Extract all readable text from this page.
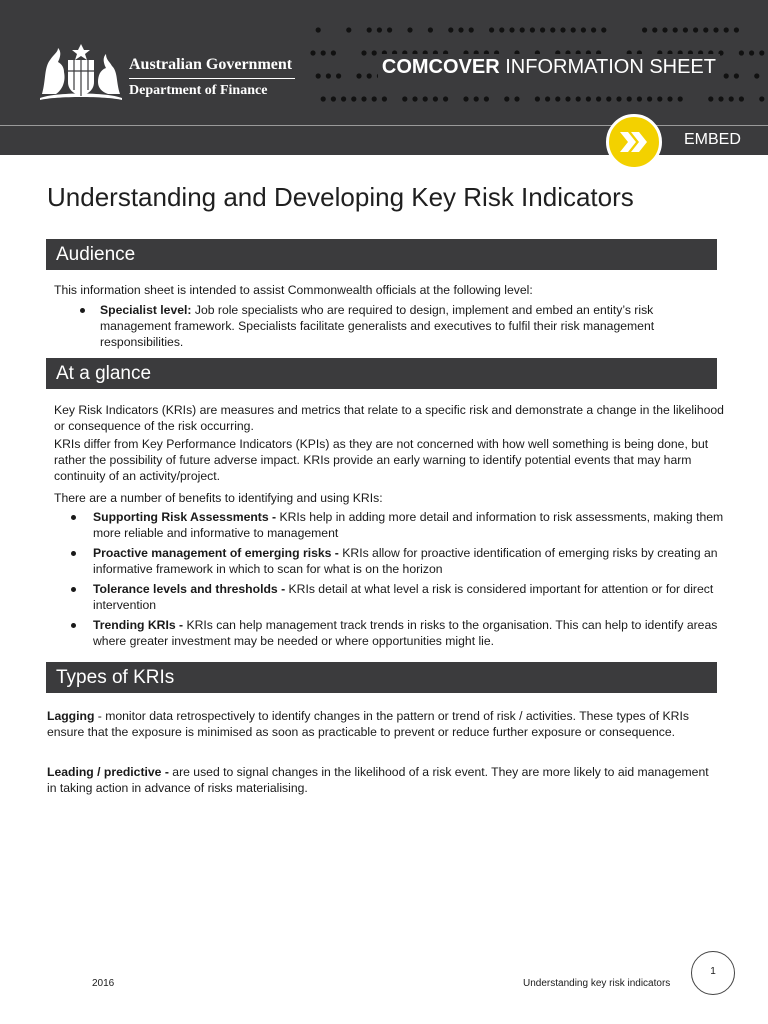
Australian Government
Department of Finance
COMCOVER INFORMATION SHEET
EMBED
Understanding and Developing Key Risk Indicators
Audience
This information sheet is intended to assist Commonwealth officials at the following level:
Specialist level: Job role specialists who are required to design, implement and embed an entity’s risk management framework. Specialists facilitate generalists and executives to fulfil their risk management responsibilities.
At a glance
Key Risk Indicators (KRIs) are measures and metrics that relate to a specific risk and demonstrate a change in the likelihood or consequence of the risk occurring.
KRIs differ from Key Performance Indicators (KPIs) as they are not concerned with how well something is being done, but rather the possibility of future adverse impact. KRIs provide an early warning to identify potential events that may harm continuity of an activity/project.
There are a number of benefits to identifying and using KRIs:
Supporting Risk Assessments - KRIs help in adding more detail and information to risk assessments, making them more reliable and informative to management
Proactive management of emerging risks - KRIs allow for proactive identification of emerging risks by creating an informative framework in which to scan for what is on the horizon
Tolerance levels and thresholds - KRIs detail at what level a risk is considered important for attention or for direct intervention
Trending KRIs - KRIs can help management track trends in risks to the organisation. This can help to identify areas where greater investment may be needed or where opportunities might lie.
Types of KRIs
Lagging - monitor data retrospectively to identify changes in the pattern or trend of risk / activities. These types of KRIs ensure that the exposure is minimised as soon as practicable to prevent or reduce further exposure or consequence.
Leading / predictive - are used to signal changes in the likelihood of a risk event. They are more likely to aid management in taking action in advance of risks materialising.
2016	Understanding key risk indicators
1
